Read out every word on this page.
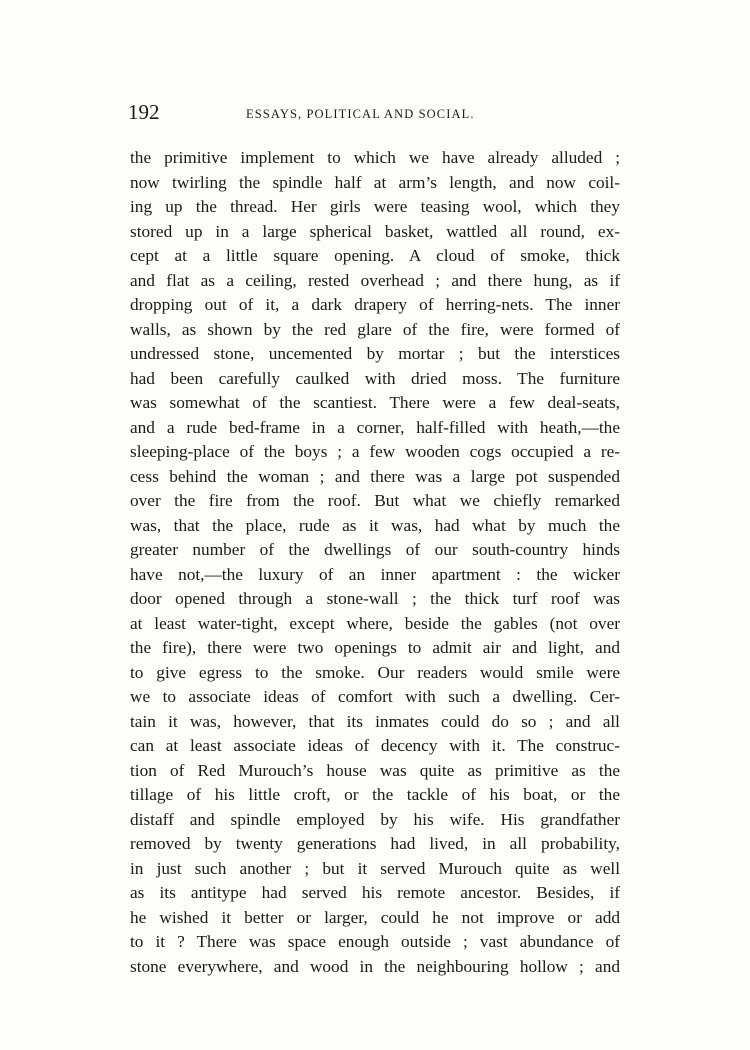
192	ESSAYS, POLITICAL AND SOCIAL.
the primitive implement to which we have already alluded ;
now twirling the spindle half at arm’s length, and now coil-
ing up the thread. Her girls were teasing wool, which they
stored up in a large spherical basket, wattled all round, ex-
cept at a little square opening. A cloud of smoke, thick
and flat as a ceiling, rested overhead ; and there hung, as if
dropping out of it, a dark drapery of herring-nets. The inner
walls, as shown by the red glare of the fire, were formed of
undressed stone, uncemented by mortar ; but the interstices
had been carefully caulked with dried moss. The furniture
was somewhat of the scantiest. There were a few deal-seats,
and a rude bed-frame in a corner, half-filled with heath,—the
sleeping-place of the boys ; a few wooden cogs occupied a re-
cess behind the woman ; and there was a large pot suspended
over the fire from the roof. But what we chiefly remarked
was, that the place, rude as it was, had what by much the
greater number of the dwellings of our south-country hinds
have not,—the luxury of an inner apartment : the wicker
door opened through a stone-wall ; the thick turf roof was
at least water-tight, except where, beside the gables (not over
the fire), there were two openings to admit air and light, and
to give egress to the smoke. Our readers would smile were
we to associate ideas of comfort with such a dwelling. Cer-
tain it was, however, that its inmates could do so ; and all
can at least associate ideas of decency with it. The construc-
tion of Red Murouch’s house was quite as primitive as the
tillage of his little croft, or the tackle of his boat, or the
distaff and spindle employed by his wife. His grandfather
removed by twenty generations had lived, in all probability,
in just such another ; but it served Murouch quite as well
as its antitype had served his remote ancestor. Besides, if
he wished it better or larger, could he not improve or add
to it ? There was space enough outside ; vast abundance of
stone everywhere, and wood in the neighbouring hollow ; and
